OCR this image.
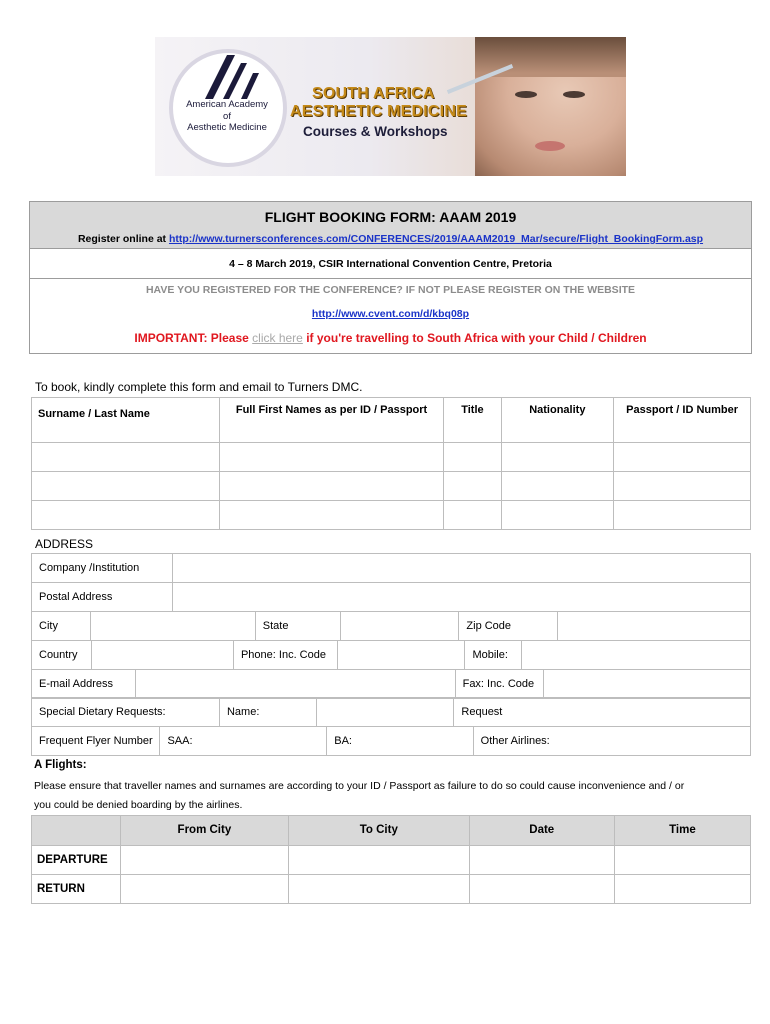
American Academy
of
Aesthetic Medicine
SOUTH AFRICA
AESTHETIC MEDICINE
Courses & Workshops
FLIGHT BOOKING FORM: AAAM 2019
Register online at http://www.turnersconferences.com/CONFERENCES/2019/AAAM2019_Mar/secure/Flight_BookingForm.asp
4 – 8 March 2019, CSIR International Convention Centre, Pretoria
HAVE YOU REGISTERED FOR THE CONFERENCE? IF NOT PLEASE REGISTER ON THE WEBSITE
http://www.cvent.com/d/kbq08p
IMPORTANT: Please click here if you're travelling to South Africa with your Child / Children
To book, kindly complete this form and email to Turners DMC.
Surname / Last Name	Full First Names as per ID / Passport	Title	Nationality	Passport / ID Number

ADDRESS
Company /Institution	
Postal Address	
City		State		Zip Code	
Country		Phone: Inc. Code		Mobile:	
E-mail Address		Fax: Inc. Code	
Special Dietary Requests:	Name:		Request
Frequent Flyer Number	SAA:	BA:	Other Airlines:
A Flights:
Please ensure that traveller names and surnames are according to your ID / Passport as failure to do so could cause inconvenience and / or
you could be denied boarding by the airlines.
	From City	To City	Date	Time
DEPARTURE				
RETURN				
